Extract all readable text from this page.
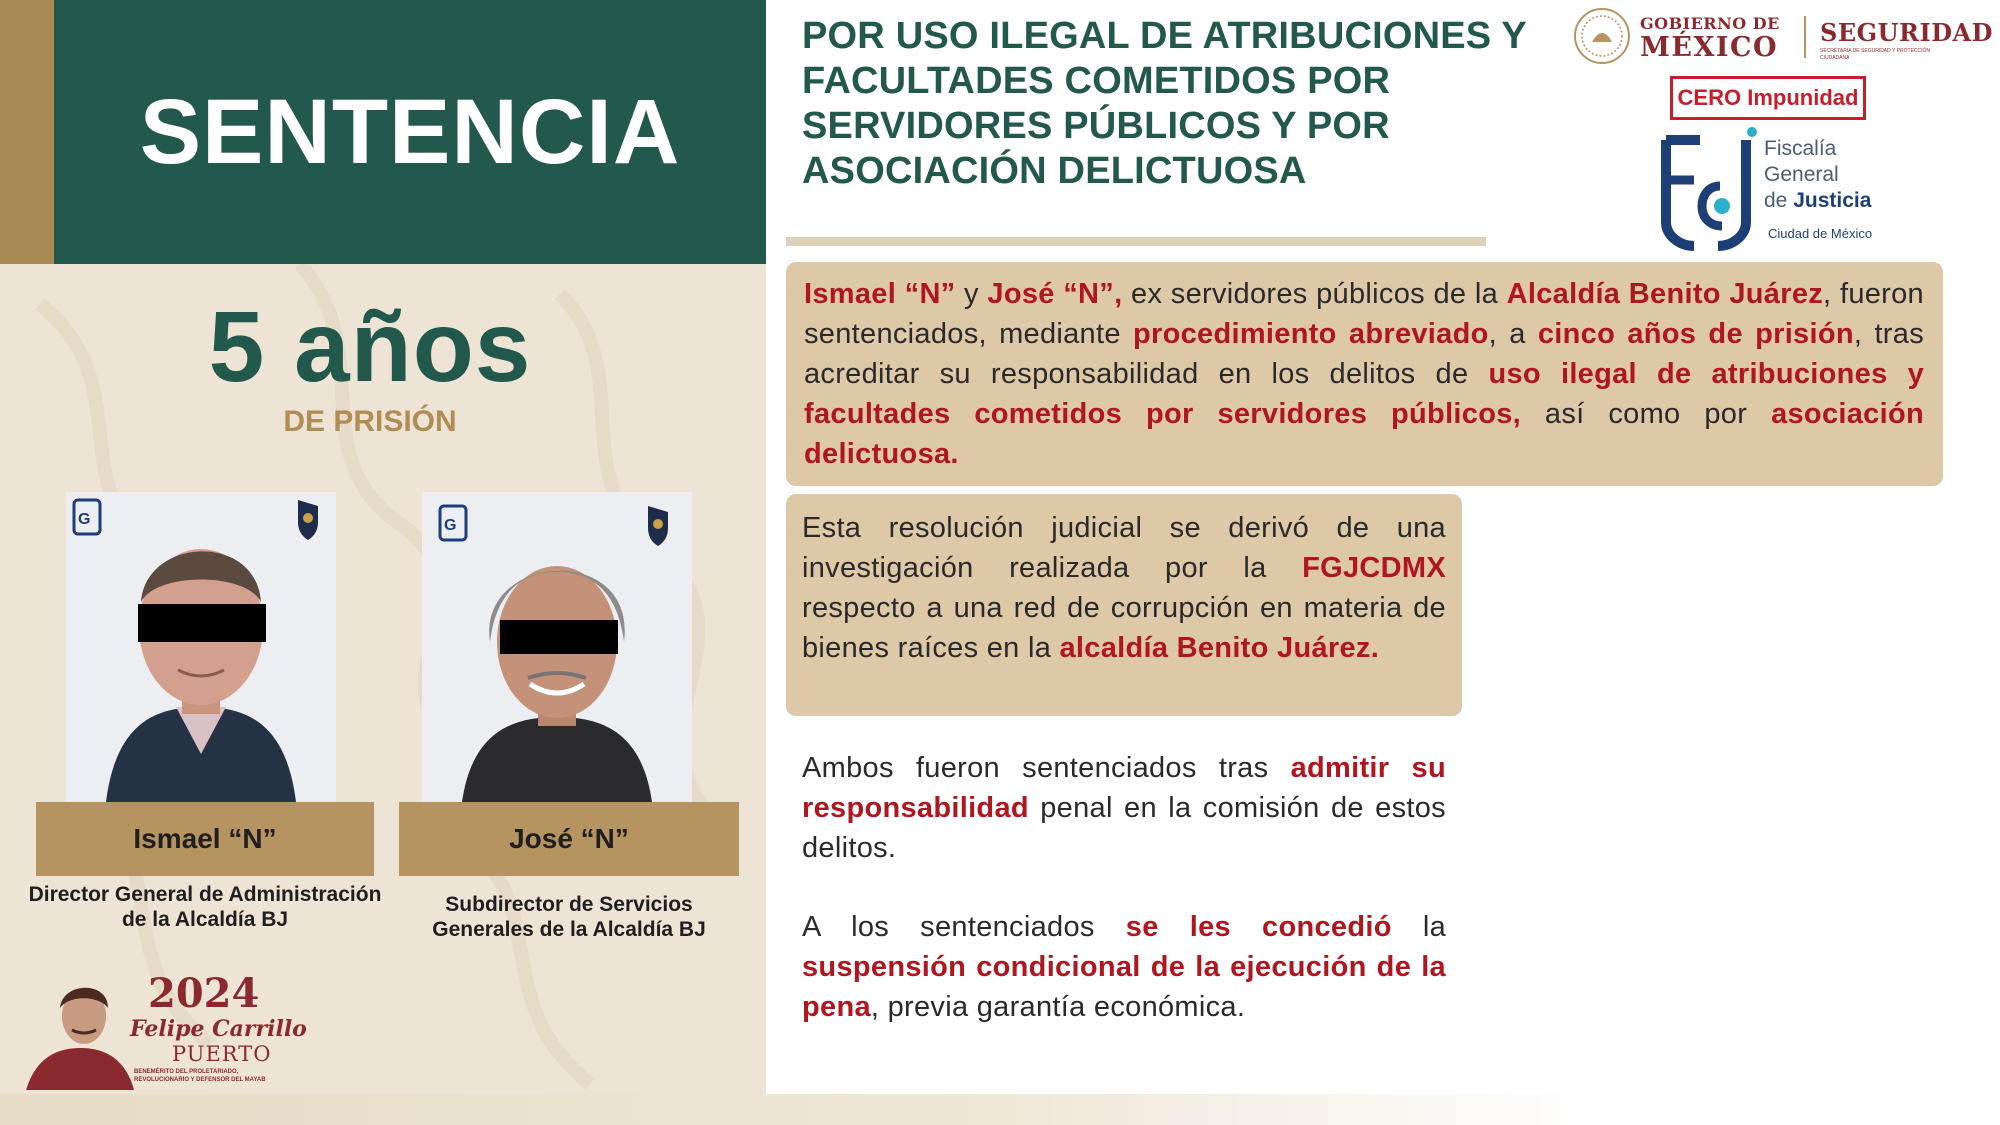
SENTENCIA
5 años
DE PRISIÓN
G	G
Ismael “N”	José “N”
Director General de Administración de la Alcaldía BJ
Subdirector de Servicios Generales de la Alcaldía BJ
2024
Felipe Carrillo
PUERTO
BENEMÉRITO DEL PROLETARIADO, REVOLUCIONARIO Y DEFENSOR DEL MAYAB
POR USO ILEGAL DE ATRIBUCIONES Y FACULTADES COMETIDOS POR SERVIDORES PÚBLICOS Y POR ASOCIACIÓN DELICTUOSA
GOBIERNO DE
MÉXICO SEGURIDAD
SECRETARÍA DE SEGURIDAD Y PROTECCIÓN CIUDADANA
CERO Impunidad
Fiscalía
General
de Justicia
Ciudad de México

Ismael “N” y José “N”, ex servidores públicos de la Alcaldía Benito Juárez, fueron sentenciados, mediante procedimiento abreviado, a cinco años de prisión, tras acreditar su responsabilidad en los delitos de uso ilegal de atribuciones y facultades cometidos por servidores públicos, así como por asociación delictuosa.

Esta resolución judicial se derivó de una investigación realizada por la FGJCDMX respecto a una red de corrupción en materia de bienes raíces en la alcaldía Benito Juárez.

Ambos fueron sentenciados tras admitir su responsabilidad penal en la comisión de estos delitos.

A los sentenciados se les concedió la suspensión condicional de la ejecución de la pena, previa garantía económica.
